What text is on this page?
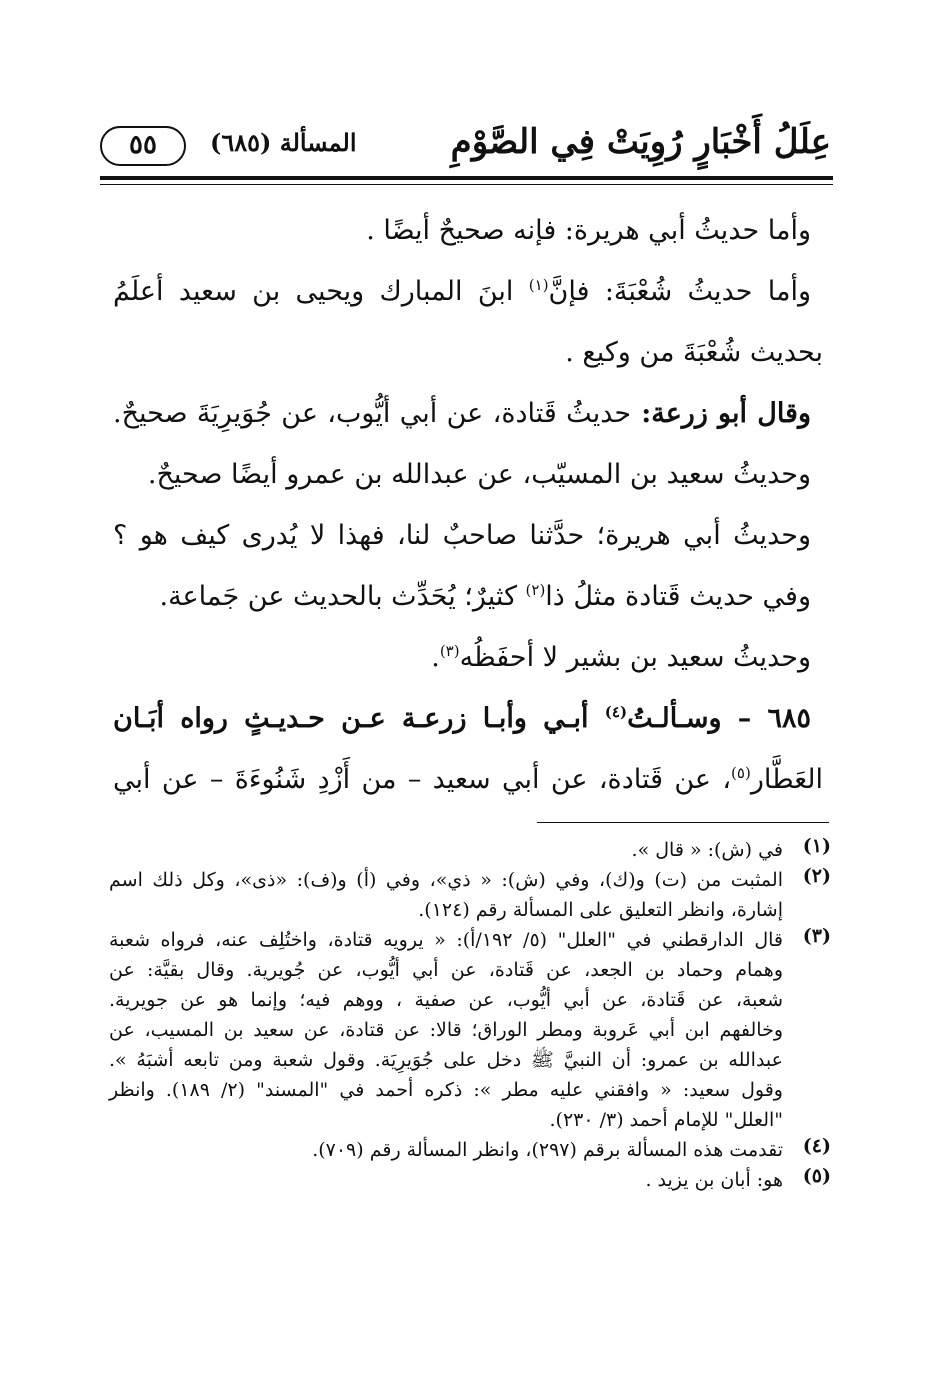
عِلَلُ أَخْبَارٍ رُوِيَتْ فِي الصَّوْمِ
المسألة (٦٨٥)
٥٥
وأما حديثُ أبي هريرة: فإنه صحيحٌ أيضًا .
وأما حديثُ شُعْبَةَ: فإنَّ$^{(١)}$ ابنَ المبارك ويحيى بن سعيد أعلَمُ
بحديث شُعْبَةَ من وكيع .
وقال أبو زرعة: حديثُ قَتادة، عن أبي أيُّوب، عن جُوَيرِيَةَ صحيحٌ.
وحديثُ سعيد بن المسيّب، عن عبدالله بن عمرو أيضًا صحيحٌ.
وحديثُ أبي هريرة؛ حدَّثنا صاحبٌ لنا، فهذا لا يُدرى كيف هو ؟
وفي حديث قَتادة مثلُ ذا$^{(٢)}$ كثيرٌ؛ يُحَدِّث بالحديث عن جَماعة.
وحديثُ سعيد بن بشير لا أحفَظُه$^{(٣)}$.
٦٨٥ – وسـألـتُ$^{(٤)}$ أبـي وأبـا زرعـة عـن حـديـثٍ رواه أبَـان
العَطَّار$^{(٥)}$، عن قَتادة، عن أبي سعيد – من أَزْدِ شَنُوءَةَ – عن أبي
(١)
في (ش): « قال ».
(٢)
المثبت من (ت) و(ك)، وفي (ش): « ذي»، وفي (أ) و(ف): «ذى»، وكل ذلك اسم
إشارة، وانظر التعليق على المسألة رقم (١٢٤).
(٣)
قال الدارقطني في "العلل" (٥/ ١٩٢/أ): « يرويه قتادة، واختُلِف عنه، فرواه شعبة
وهمام وحماد بن الجعد، عن قَتادة، عن أبي أيُّوب، عن جُويرية. وقال بقيَّة: عن
شعبة، عن قَتادة، عن أبي أيُّوب، عن صفية ، ووهم فيه؛ وإنما هو عن جويرية.
وخالفهم ابن أبي عَروبة ومطر الوراق؛ قالا: عن قتادة، عن سعيد بن المسيب، عن
عبدالله بن عمرو: أن النبيَّ ﷺ دخل على جُوَيرِيَة. وقول شعبة ومن تابعه أشبَهُ ».
وقول سعيد: « وافقني عليه مطر »: ذكره أحمد في "المسند" (٢/ ١٨٩). وانظر
"العلل" للإمام أحمد (٣/ ٢٣٠).
(٤)
تقدمت هذه المسألة برقم (٢٩٧)، وانظر المسألة رقم (٧٠٩).
(٥)
هو: أبان بن يزيد .
